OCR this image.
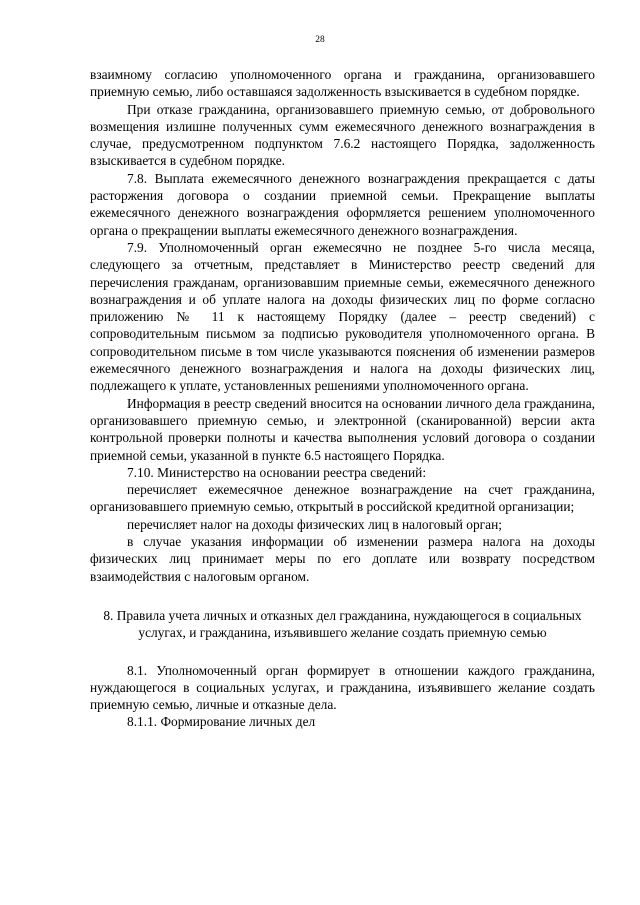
28

взаимному согласию уполномоченного органа и гражданина, организовавшего приемную семью, либо оставшаяся задолженность взыскивается в судебном порядке.

При отказе гражданина, организовавшего приемную семью, от добровольного возмещения излишне полученных сумм ежемесячного денежного вознаграждения в случае, предусмотренном подпунктом 7.6.2 настоящего Порядка, задолженность взыскивается в судебном порядке.

7.8. Выплата ежемесячного денежного вознаграждения прекращается с даты расторжения договора о создании приемной семьи. Прекращение выплаты ежемесячного денежного вознаграждения оформляется решением уполномоченного органа о прекращении выплаты ежемесячного денежного вознаграждения.

7.9. Уполномоченный орган ежемесячно не позднее 5-го числа месяца, следующего за отчетным, представляет в Министерство реестр сведений для перечисления гражданам, организовавшим приемные семьи, ежемесячного денежного вознаграждения и об уплате налога на доходы физических лиц по форме согласно приложению № 11 к настоящему Порядку (далее – реестр сведений) с сопроводительным письмом за подписью руководителя уполномоченного органа. В сопроводительном письме в том числе указываются пояснения об изменении размеров ежемесячного денежного вознаграждения и налога на доходы физических лиц, подлежащего к уплате, установленных решениями уполномоченного органа.

Информация в реестр сведений вносится на основании личного дела гражданина, организовавшего приемную семью, и электронной (сканированной) версии акта контрольной проверки полноты и качества выполнения условий договора о создании приемной семьи, указанной в пункте 6.5 настоящего Порядка.

7.10. Министерство на основании реестра сведений:

перечисляет ежемесячное денежное вознаграждение на счет гражданина, организовавшего приемную семью, открытый в российской кредитной организации;

перечисляет налог на доходы физических лиц в налоговый орган;

в случае указания информации об изменении размера налога на доходы физических лиц принимает меры по его доплате или возврату посредством взаимодействия с налоговым органом.

8. Правила учета личных и отказных дел гражданина, нуждающегося в социальных услугах, и гражданина, изъявившего желание создать приемную семью

8.1. Уполномоченный орган формирует в отношении каждого гражданина, нуждающегося в социальных услугах, и гражданина, изъявившего желание создать приемную семью, личные и отказные дела.

8.1.1. Формирование личных дел
